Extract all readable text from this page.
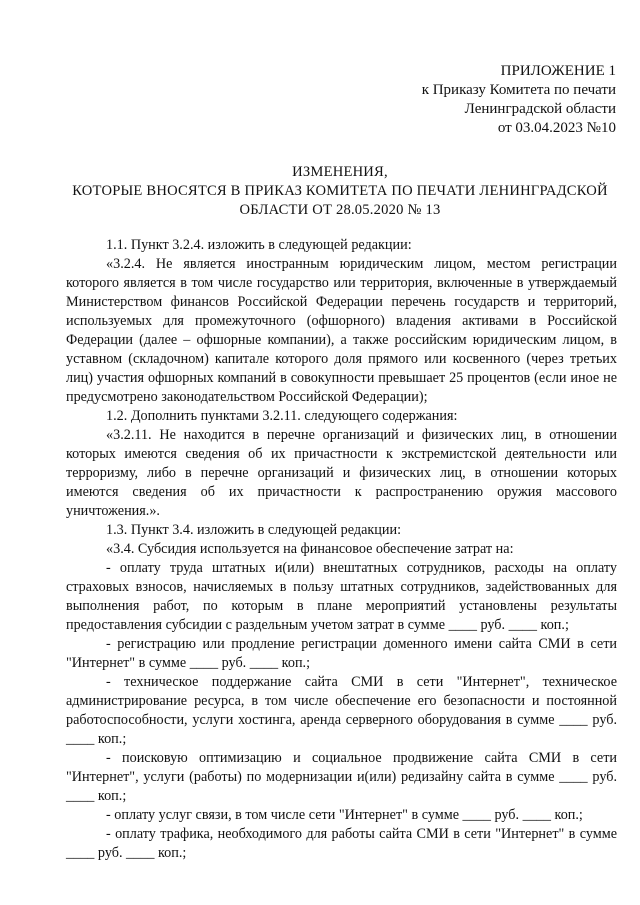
ПРИЛОЖЕНИЕ 1
к Приказу Комитета по печати
Ленинградской области
от 03.04.2023 №10
ИЗМЕНЕНИЯ,
КОТОРЫЕ ВНОСЯТСЯ В ПРИКАЗ КОМИТЕТА ПО ПЕЧАТИ ЛЕНИНГРАДСКОЙ
ОБЛАСТИ ОТ 28.05.2020 № 13

1.1. Пункт 3.2.4. изложить в следующей редакции:

«3.2.4. Не является иностранным юридическим лицом, местом регистрации которого является в том числе государство или территория, включенные в утверждаемый Министерством финансов Российской Федерации перечень государств и территорий, используемых для промежуточного (офшорного) владения активами в Российской Федерации (далее – офшорные компании), а также российским юридическим лицом, в уставном (складочном) капитале которого доля прямого или косвенного (через третьих лиц) участия офшорных компаний в совокупности превышает 25 процентов (если иное не предусмотрено законодательством Российской Федерации);

1.2. Дополнить пунктами 3.2.11. следующего содержания:

«3.2.11. Не находится в перечне организаций и физических лиц, в отношении которых имеются сведения об их причастности к экстремистской деятельности или терроризму, либо в перечне организаций и физических лиц, в отношении которых имеются сведения об их причастности к распространению оружия массового уничтожения.».

1.3. Пункт 3.4. изложить в следующей редакции:

«3.4. Субсидия используется на финансовое обеспечение затрат на:

- оплату труда штатных и(или) внештатных сотрудников, расходы на оплату страховых взносов, начисляемых в пользу штатных сотрудников, задействованных для выполнения работ, по которым в плане мероприятий установлены результаты предоставления субсидии с раздельным учетом затрат в сумме ____ руб. ____ коп.;

- регистрацию или продление регистрации доменного имени сайта СМИ в сети "Интернет" в сумме ____ руб. ____ коп.;

- техническое поддержание сайта СМИ в сети "Интернет", техническое администрирование ресурса, в том числе обеспечение его безопасности и постоянной работоспособности, услуги хостинга, аренда серверного оборудования в сумме ____ руб. ____ коп.;

- поисковую оптимизацию и социальное продвижение сайта СМИ в сети "Интернет", услуги (работы) по модернизации и(или) редизайну сайта в сумме ____ руб. ____ коп.;

- оплату услуг связи, в том числе сети "Интернет" в сумме ____ руб. ____ коп.;

- оплату трафика, необходимого для работы сайта СМИ в сети "Интернет" в сумме ____ руб. ____ коп.;
